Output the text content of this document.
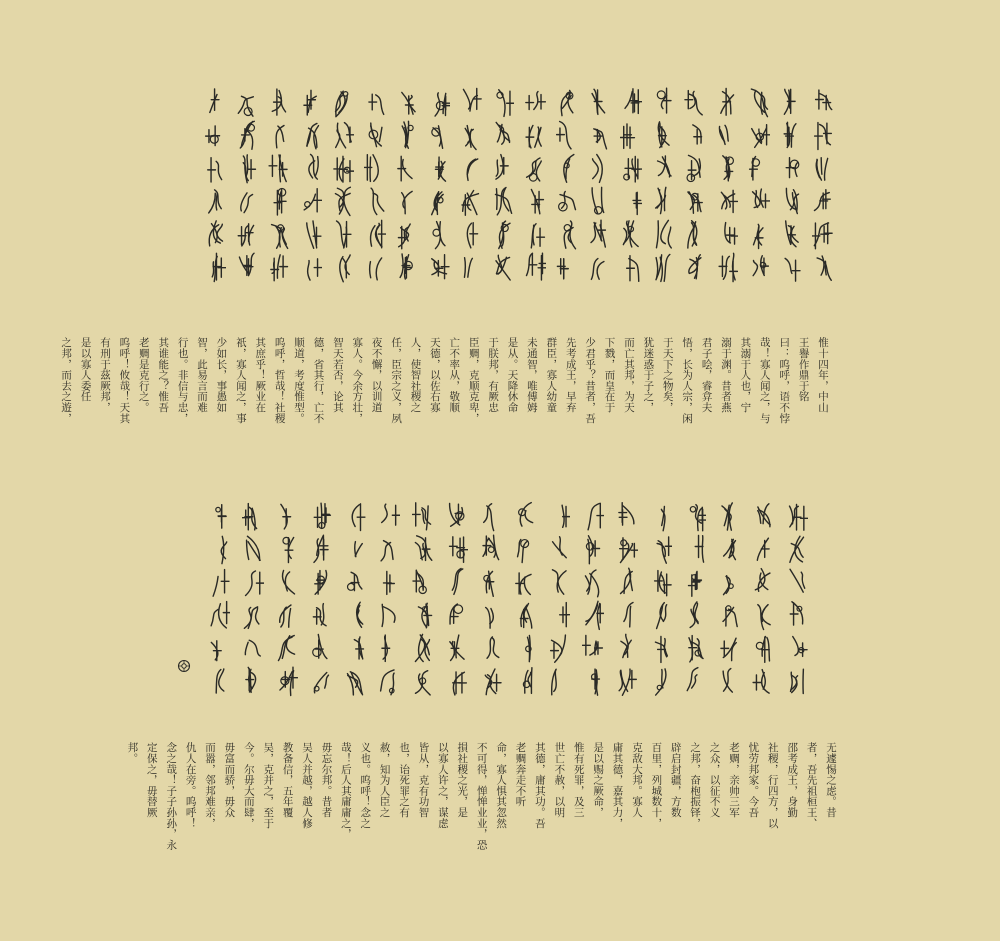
惟十四年，中山
王譽作鼎于铭
曰：呜呼，语不悖
哉！寡人闻之，与
其溺于人也，宁
溺于渊。昔者燕
君子哙，睿弇夫
悟，长为人宗，闲
于天下之物矣，
犹迷惑于子之，
而亡其邦，为天
下戮，而皇在于
少君乎？昔者，吾
先考成王，早弃
群臣，寡人幼童
未通智，唯傅姆
是从。天降休命
于朕邦，有厥忠
臣赒，克顺克卑，
亡不率从，敬顺
天德，以佐右寡
人，使智社稷之
任，臣宗之义，夙
夜不懈，以训道
寡人。今余方壮，
智天若否，论其
德，省其行，亡不
顺道，考度惟型。
呜呼，哲哉！社稷
其庶乎！厥业在
祇，寡人闻之，事
少如长，事愚如
智，此易言而难
行也。非信与忠，
其谁能之？惟吾
老赒是克行之。
呜呼！攸哉！天其
有刑于茲厥邦，
是以寡人委任
之邦，而去之遊，
无遽惕之虑。昔
者，吾先祖桓王、
邵考成王，身勤
社稷，行四方，以
忧劳邦家。今吾
老赒，亲帅三军
之众，以征不义
之邦，奋枹振铎，
辟启封疆，方数
百里，列城数十，
克敌大邦。寡人
庸其德，嘉其力，
是以赐之厥命，
惟有死罪，及三
世亡不赦，以明
其德，庸其功。吾
老赒奔走不听
命，寡人惧其忽然
不可得，惮惮业业，恐
損社稷之光，是
以寡人许之，谋虑
皆从，克有功智
也，诒死罪之有
赦，知为人臣之
义也。呜呼！念之
哉！后人其庸庸之，
毋忘尔邦。昔者
吴人并越，越人修
教备信，五年覆
吴，克并之，至于
今。尔毋大而肆，
毋富而骄，毋众
而嚣，邻邦难亲，
仇人在旁。呜呼！
念之哉！子子孙孙，永
定保之，毋替厥
邦。
